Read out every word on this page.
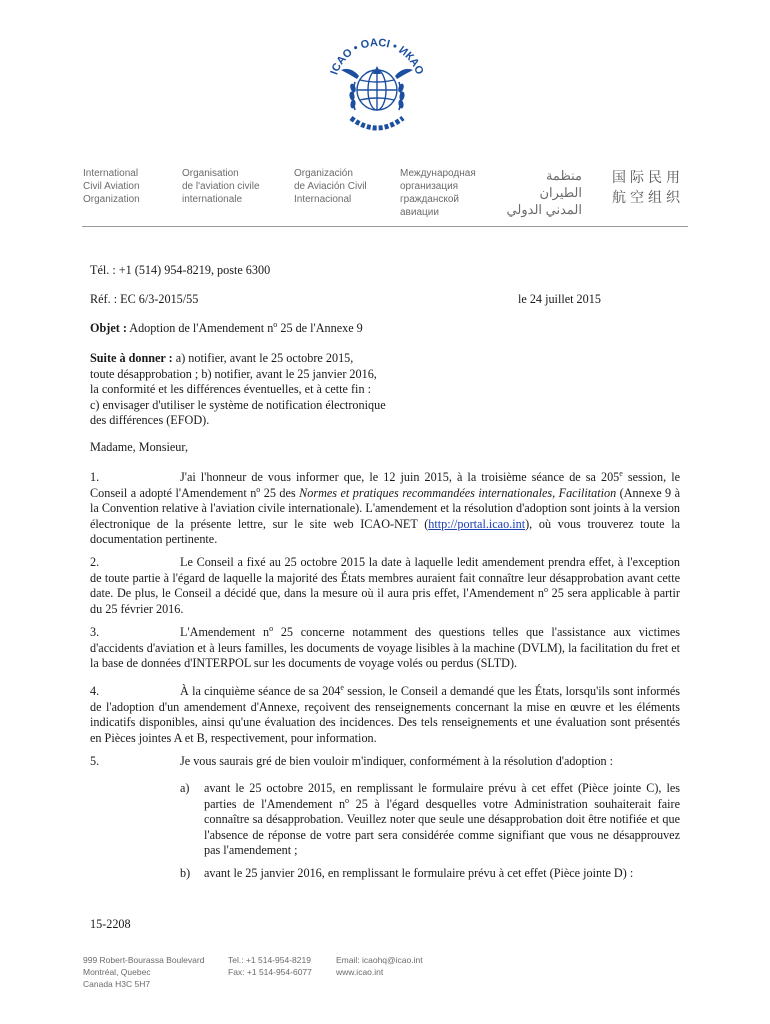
ICAO • OACI • ИКАО
International
Civil Aviation
Organization
Organisation
de l'aviation civile
internationale
Organización
de Aviación Civil
Internacional
Международная
организация
гражданской
авиации
منظمة الطيران
المدني الدولي
国际民用
航空组织
Tél. : +1 (514) 954-8219, poste 6300
Réf. : EC 6/3-2015/55	le 24 juillet 2015
Objet : Adoption de l'Amendement $n^o$ 25 de l'Annexe 9
Suite à donner : a) notifier, avant le 25 octobre 2015,
toute désapprobation ; b) notifier, avant le 25 janvier 2016,
la conformité et les différences éventuelles, et à cette fin :
c) envisager d'utiliser le système de notification électronique
des différences (EFOD).
Madame, Monsieur,
1.	J'ai l'honneur de vous informer que, le 12 juin 2015, à la troisième séance de sa 205e session, le Conseil a adopté l'Amendement $n^o$ 25 des Normes et pratiques recommandées internationales, Facilitation (Annexe 9 à la Convention relative à l'aviation civile internationale). L'amendement et la résolution d'adoption sont joints à la version électronique de la présente lettre, sur le site web ICAO-NET (http://portal.icao.int), où vous trouverez toute la documentation pertinente.
2.	Le Conseil a fixé au 25 octobre 2015 la date à laquelle ledit amendement prendra effet, à l'exception de toute partie à l'égard de laquelle la majorité des États membres auraient fait connaître leur désapprobation avant cette date. De plus, le Conseil a décidé que, dans la mesure où il aura pris effet, l'Amendement $n^o$ 25 sera applicable à partir du 25 février 2016.
3.	L'Amendement $n^o$ 25 concerne notamment des questions telles que l'assistance aux victimes d'accidents d'aviation et à leurs familles, les documents de voyage lisibles à la machine (DVLM), la facilitation du fret et la base de données d'INTERPOL sur les documents de voyage volés ou perdus (SLTD).
4.	À la cinquième séance de sa 204e session, le Conseil a demandé que les États, lorsqu'ils sont informés de l'adoption d'un amendement d'Annexe, reçoivent des renseignements concernant la mise en œuvre et les éléments indicatifs disponibles, ainsi qu'une évaluation des incidences. Des tels renseignements et une évaluation sont présentés en Pièces jointes A et B, respectivement, pour information.
5.	Je vous saurais gré de bien vouloir m'indiquer, conformément à la résolution d'adoption :
a) avant le 25 octobre 2015, en remplissant le formulaire prévu à cet effet (Pièce jointe C), les parties de l'Amendement $n^o$ 25 à l'égard desquelles votre Administration souhaiterait faire connaître sa désapprobation. Veuillez noter que seule une désapprobation doit être notifiée et que l'absence de réponse de votre part sera considérée comme signifiant que vous ne désapprouvez pas l'amendement ;
b) avant le 25 janvier 2016, en remplissant le formulaire prévu à cet effet (Pièce jointe D) :
15-2208
999 Robert-Bourassa Boulevard
Montréal, Quebec
Canada H3C 5H7
Tel.: +1 514-954-8219
Fax: +1 514-954-6077
Email: icaohq@icao.int
www.icao.int
